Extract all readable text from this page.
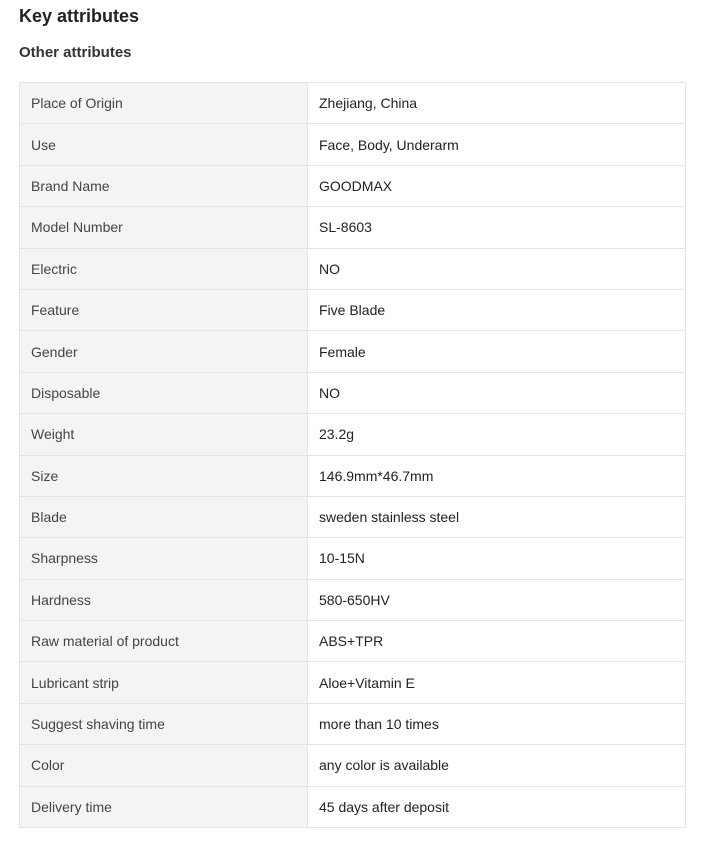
Key attributes
Other attributes
Place of Origin	Zhejiang, China
Use	Face, Body, Underarm
Brand Name	GOODMAX
Model Number	SL-8603
Electric	NO
Feature	Five Blade
Gender	Female
Disposable	NO
Weight	23.2g
Size	146.9mm*46.7mm
Blade	sweden stainless steel
Sharpness	10-15N
Hardness	580-650HV
Raw material of product	ABS+TPR
Lubricant strip	Aloe+Vitamin E
Suggest shaving time	more than 10 times
Color	any color is available
Delivery time	45 days after deposit
